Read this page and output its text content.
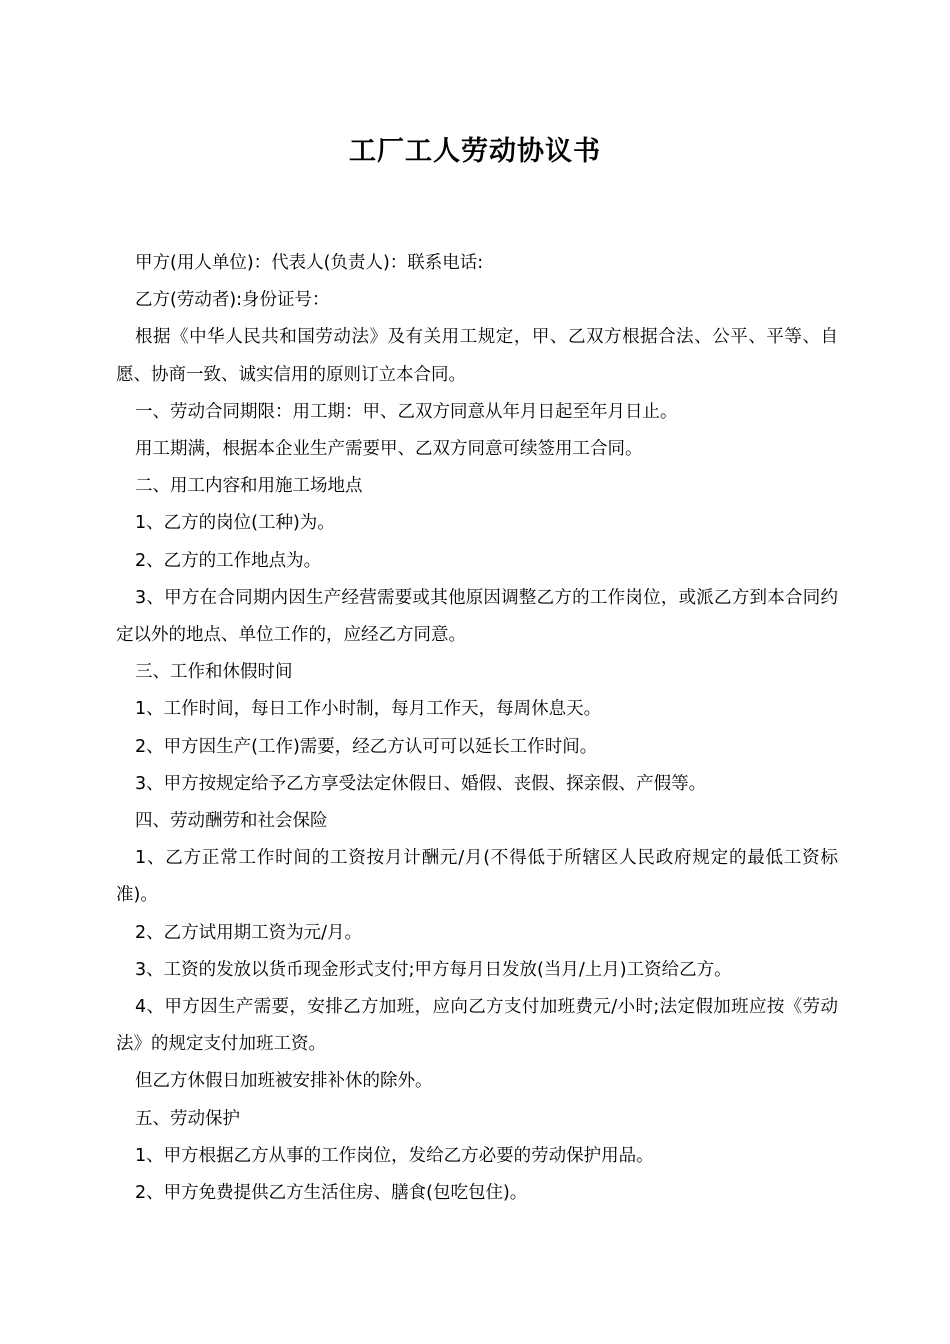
工厂工人劳动协议书

甲方(用人单位)：代表人(负责人)：联系电话:

乙方(劳动者):身份证号：

根据《中华人民共和国劳动法》及有关用工规定，甲、乙双方根据合法、公平、平等、自愿、协商一致、诚实信用的原则订立本合同。

一、劳动合同期限：用工期：甲、乙双方同意从年月日起至年月日止。

用工期满，根据本企业生产需要甲、乙双方同意可续签用工合同。

二、用工内容和用施工场地点

1、乙方的岗位(工种)为。

2、乙方的工作地点为。

3、甲方在合同期内因生产经营需要或其他原因调整乙方的工作岗位，或派乙方到本合同约定以外的地点、单位工作的，应经乙方同意。

三、工作和休假时间

1、工作时间，每日工作小时制，每月工作天，每周休息天。

2、甲方因生产(工作)需要，经乙方认可可以延长工作时间。

3、甲方按规定给予乙方享受法定休假日、婚假、丧假、探亲假、产假等。

四、劳动酬劳和社会保险

1、乙方正常工作时间的工资按月计酬元/月(不得低于所辖区人民政府规定的最低工资标准)。

2、乙方试用期工资为元/月。

3、工资的发放以货币现金形式支付;甲方每月日发放(当月/上月)工资给乙方。

4、甲方因生产需要，安排乙方加班，应向乙方支付加班费元/小时;法定假加班应按《劳动法》的规定支付加班工资。

但乙方休假日加班被安排补休的除外。

五、劳动保护

1、甲方根据乙方从事的工作岗位，发给乙方必要的劳动保护用品。

2、甲方免费提供乙方生活住房、膳食(包吃包住)。
